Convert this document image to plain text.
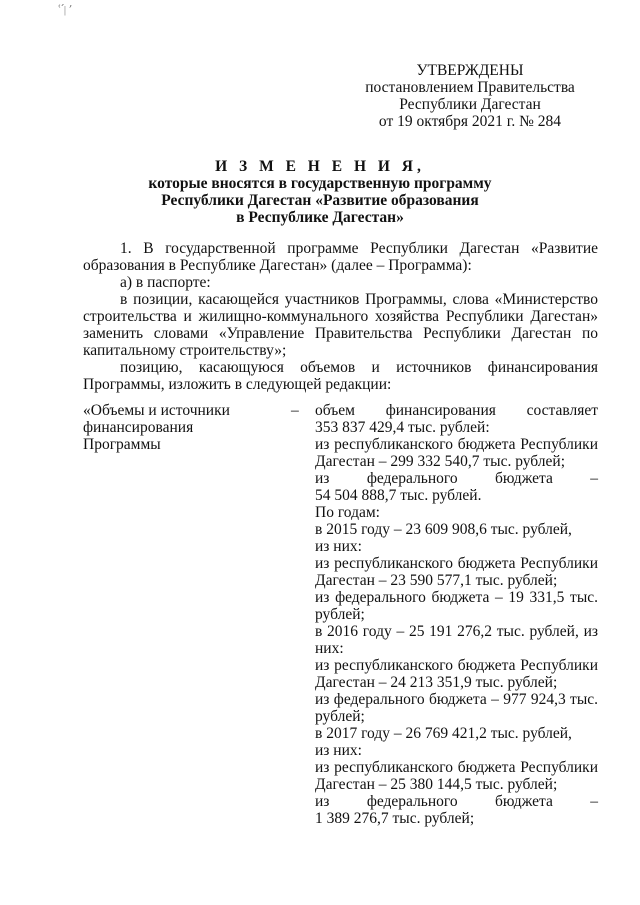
ՙ՛| ՚
УТВЕРЖДЕНЫ
постановлением Правительства
Республики Дагестан
от 19 октября 2021 г. № 284
И З М Е Н Е Н И Я,
которые вносятся в государственную программу
Республики Дагестан «Развитие образования
в Республике Дагестан»
1. В государственной программе Республики Дагестан «Развитие образования в Республике Дагестан» (далее – Программа):
а) в паспорте:
в позиции, касающейся участников Программы, слова «Министерство строительства и жилищно-коммунального хозяйства Республики Дагестан» заменить словами «Управление Правительства Республики Дагестан по капитальному строительству»;
позицию, касающуюся объемов и источников финансирования Программы, изложить в следующей редакции:
«Объемы и источники
финансирования Программы
– объем финансирования составляет
353 837 429,4 тыс. рублей:
из республиканского бюджета Республики
Дагестан – 299 332 540,7 тыс. рублей;
из федерального бюджета –
54 504 888,7 тыс. рублей.
По годам:
в 2015 году – 23 609 908,6 тыс. рублей,
из них:
из республиканского бюджета Республики
Дагестан – 23 590 577,1 тыс. рублей;
из федерального бюджета – 19 331,5 тыс.
рублей;
в 2016 году – 25 191 276,2 тыс. рублей, из
них:
из республиканского бюджета Республики
Дагестан – 24 213 351,9 тыс. рублей;
из федерального бюджета – 977 924,3 тыс.
рублей;
в 2017 году – 26 769 421,2 тыс. рублей,
из них:
из республиканского бюджета Республики
Дагестан – 25 380 144,5 тыс. рублей;
из федерального бюджета –
1 389 276,7 тыс. рублей;
